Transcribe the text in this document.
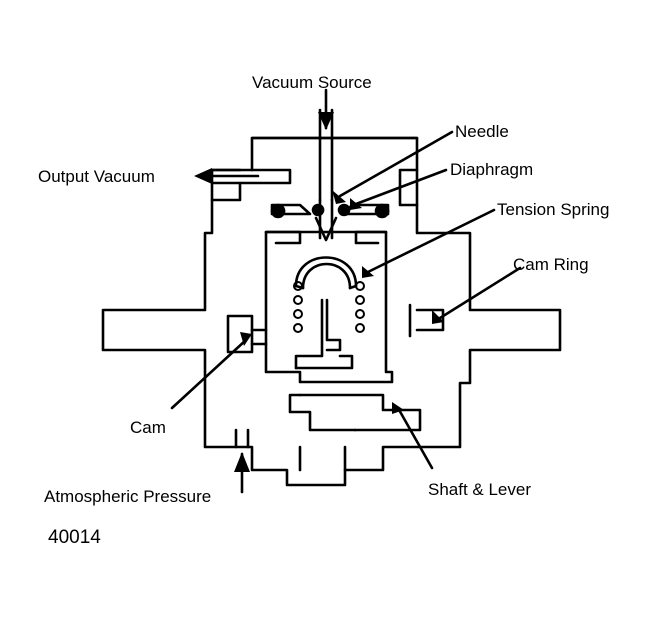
Vacuum Source
Needle
Diaphragm
Output Vacuum
Tension Spring
Cam Ring
Cam
Atmospheric Pressure	Shaft & Lever
40014
